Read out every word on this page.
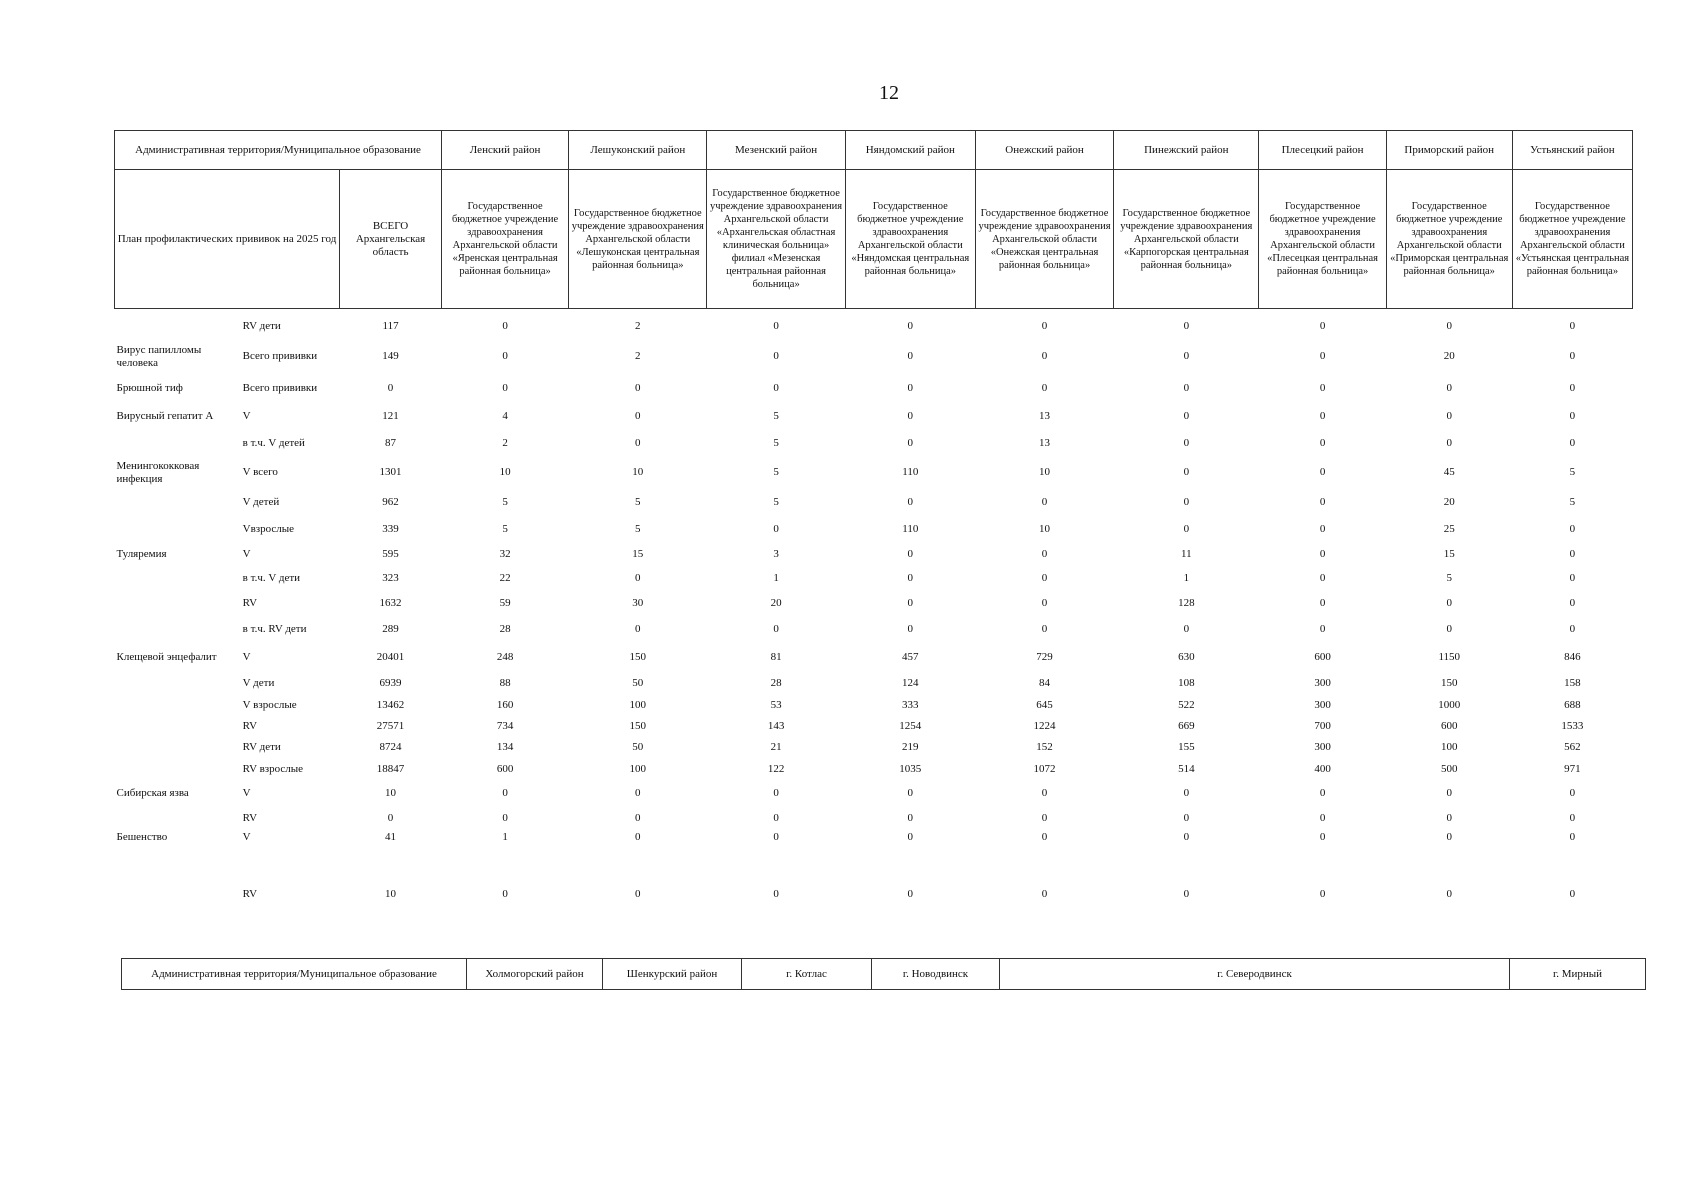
12
Административная территория/Муниципальное образование			Ленский район	Лешуконский район	Мезенский район	Няндомский район	Онежский район	Пинежский район	Плесецкий район	Приморский район	Устьянский район
План профилактических прививок на 2025 год		ВСЕГО Архангельская область	Государственное бюджетное учреждение здравоохранения Архангельской области «Яренская центральная районная больница»	Государственное бюджетное учреждение здравоохранения Архангельской области «Лешуконская центральная районная больница»	Государственное бюджетное учреждение здравоохранения Архангельской области «Архангельская областная клиническая больница» филиал «Мезенская центральная районная больница»	Государственное бюджетное учреждение здравоохранения Архангельской области «Няндомская центральная районная больница»	Государственное бюджетное учреждение здравоохранения Архангельской области «Онежская центральная районная больница»	Государственное бюджетное учреждение здравоохранения Архангельской области «Карпогорская центральная районная больница»	Государственное бюджетное учреждение здравоохранения Архангельской области «Плесецкая центральная районная больница»	Государственное бюджетное учреждение здравоохранения Архангельской области «Приморская центральная районная больница»	Государственное бюджетное учреждение здравоохранения Архангельской области «Устьянская центральная районная больница»
	RV дети	117	0	2	0	0	0	0	0	0	0
Вирус папилломы человека	Всего прививки	149	0	2	0	0	0	0	0	20	0
Брюшной тиф	Всего прививки	0	0	0	0	0	0	0	0	0	0
Вирусный гепатит А	V	121	4	0	5	0	13	0	0	0	0
	в т.ч. V детей	87	2	0	5	0	13	0	0	0	0
Менингококковая инфекция	V всего	1301	10	10	5	110	10	0	0	45	5
	V детей	962	5	5	5	0	0	0	0	20	5
	Vвзрослые	339	5	5	0	110	10	0	0	25	0
Туляремия	V	595	32	15	3	0	0	11	0	15	0
	в т.ч. V дети	323	22	0	1	0	0	1	0	5	0
	RV	1632	59	30	20	0	0	128	0	0	0
	в т.ч. RV дети	289	28	0	0	0	0	0	0	0	0
Клещевой энцефалит	V	20401	248	150	81	457	729	630	600	1150	846
	V дети	6939	88	50	28	124	84	108	300	150	158
	V взрослые	13462	160	100	53	333	645	522	300	1000	688
	RV	27571	734	150	143	1254	1224	669	700	600	1533
	RV дети	8724	134	50	21	219	152	155	300	100	562
	RV взрослые	18847	600	100	122	1035	1072	514	400	500	971
Сибирская язва	V	10	0	0	0	0	0	0	0	0	0
	RV	0	0	0	0	0	0	0	0	0	0
Бешенство	V	41	1	0	0	0	0	0	0	0	0
	RV	10	0	0	0	0	0	0	0	0	0
Административная территория/Муниципальное образование	Холмогорский район	Шенкурский район	г. Котлас	г. Новодвинск	г. Северодвинск	г. Мирный
